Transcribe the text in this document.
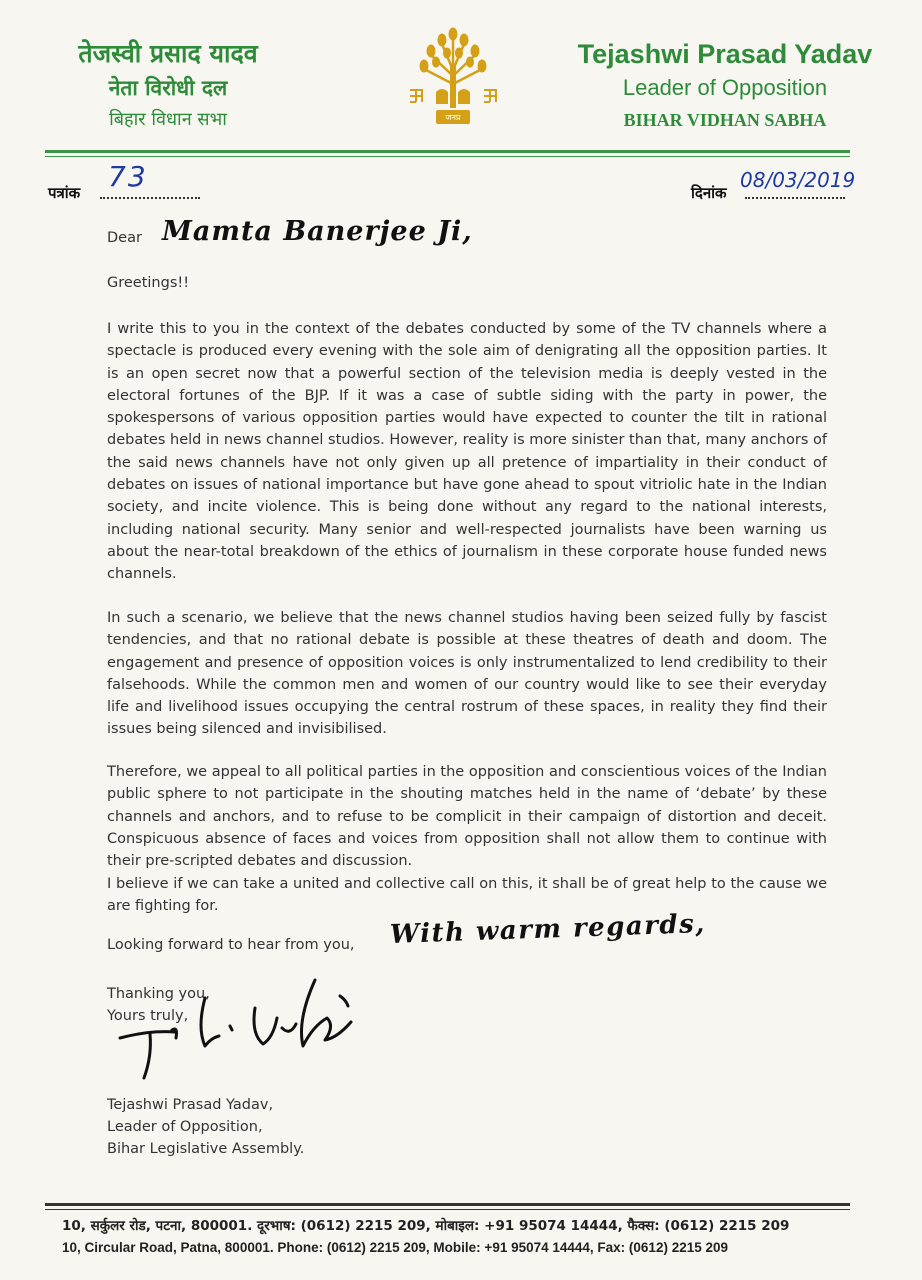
तेजस्वी प्रसाद यादव
नेता विरोधी दल
बिहार विधान सभा	जनप्र
Tejashwi Prasad Yadav
Leader of Opposition
BIHAR VIDHAN SABHA
पत्रांक 73	दिनांक
08/03/2019
Dear Mamta Banerjee Ji,
Greetings!!
I write this to you in the context of the debates conducted by some of the TV channels where a spectacle is produced every evening with the sole aim of denigrating all the opposition parties. It is an open secret now that a powerful section of the television media is deeply vested in the electoral fortunes of the BJP. If it was a case of subtle siding with the party in power, the spokespersons of various opposition parties would have expected to counter the tilt in rational debates held in news channel studios. However, reality is more sinister than that, many anchors of the said news channels have not only given up all pretence of impartiality in their conduct of debates on issues of national importance but have gone ahead to spout vitriolic hate in the Indian society, and incite violence. This is being done without any regard to the national interests, including national security. Many senior and well-respected journalists have been warning us about the near-total breakdown of the ethics of journalism in these corporate house funded news channels.
In such a scenario, we believe that the news channel studios having been seized fully by fascist tendencies, and that no rational debate is possible at these theatres of death and doom. The engagement and presence of opposition voices is only instrumentalized to lend credibility to their falsehoods. While the common men and women of our country would like to see their everyday life and livelihood issues occupying the central rostrum of these spaces, in reality they find their issues being silenced and invisibilised.
Therefore, we appeal to all political parties in the opposition and conscientious voices of the Indian public sphere to not participate in the shouting matches held in the name of ‘debate’ by these channels and anchors, and to refuse to be complicit in their campaign of distortion and deceit. Conspicuous absence of faces and voices from opposition shall not allow them to continue with their pre-scripted debates and discussion.
I believe if we can take a united and collective call on this, it shall be of great help to the cause we are fighting for.
Looking forward to hear from you, With warm regards,
Thanking you,
Yours truly,
Tejashwi Prasad Yadav,
Leader of Opposition,
Bihar Legislative Assembly.
10, सर्कुलर रोड, पटना, 800001. दूरभाष: (0612) 2215 209, मोबाइल: +91 95074 14444, फैक्स: (0612) 2215 209
10, Circular Road, Patna, 800001. Phone: (0612) 2215 209, Mobile: +91 95074 14444, Fax: (0612) 2215 209
